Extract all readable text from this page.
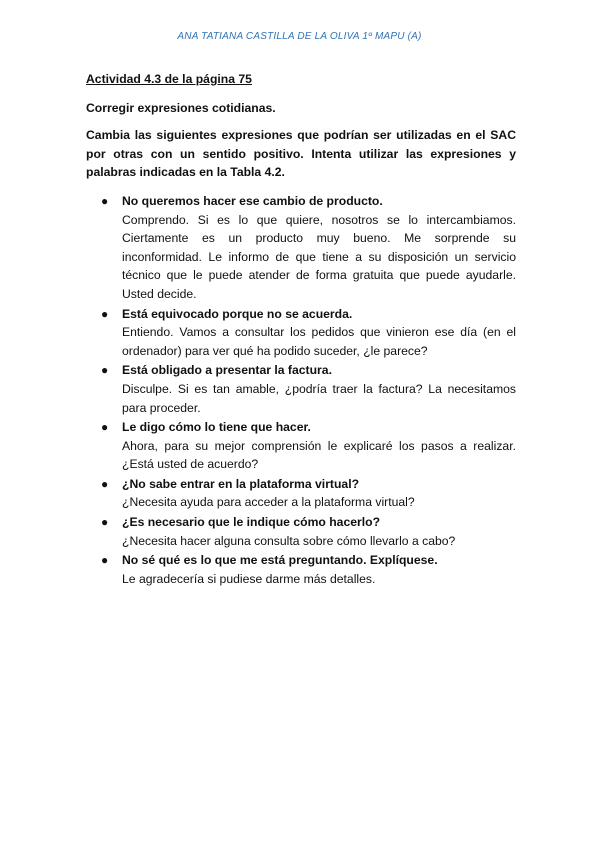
ANA TATIANA CASTILLA DE LA OLIVA 1º MAPU (A)

Actividad 4.3 de la página 75

Corregir expresiones cotidianas.

Cambia las siguientes expresiones que podrían ser utilizadas en el SAC por otras con un sentido positivo. Intenta utilizar las expresiones y palabras indicadas en la Tabla 4.2.

● No queremos hacer ese cambio de producto.
Comprendo. Si es lo que quiere, nosotros se lo intercambiamos. Ciertamente es un producto muy bueno. Me sorprende su inconformidad. Le informo de que tiene a su disposición un servicio técnico que le puede atender de forma gratuita que puede ayudarle. Usted decide.
● Está equivocado porque no se acuerda.
Entiendo. Vamos a consultar los pedidos que vinieron ese día (en el ordenador) para ver qué ha podido suceder, ¿le parece?
● Está obligado a presentar la factura.
Disculpe. Si es tan amable, ¿podría traer la factura? La necesitamos para proceder.
● Le digo cómo lo tiene que hacer.
Ahora, para su mejor comprensión le explicaré los pasos a realizar. ¿Está usted de acuerdo?
● ¿No sabe entrar en la plataforma virtual?
¿Necesita ayuda para acceder a la plataforma virtual?
● ¿Es necesario que le indique cómo hacerlo?
¿Necesita hacer alguna consulta sobre cómo llevarlo a cabo?
● No sé qué es lo que me está preguntando. Explíquese.
Le agradecería si pudiese darme más detalles.
